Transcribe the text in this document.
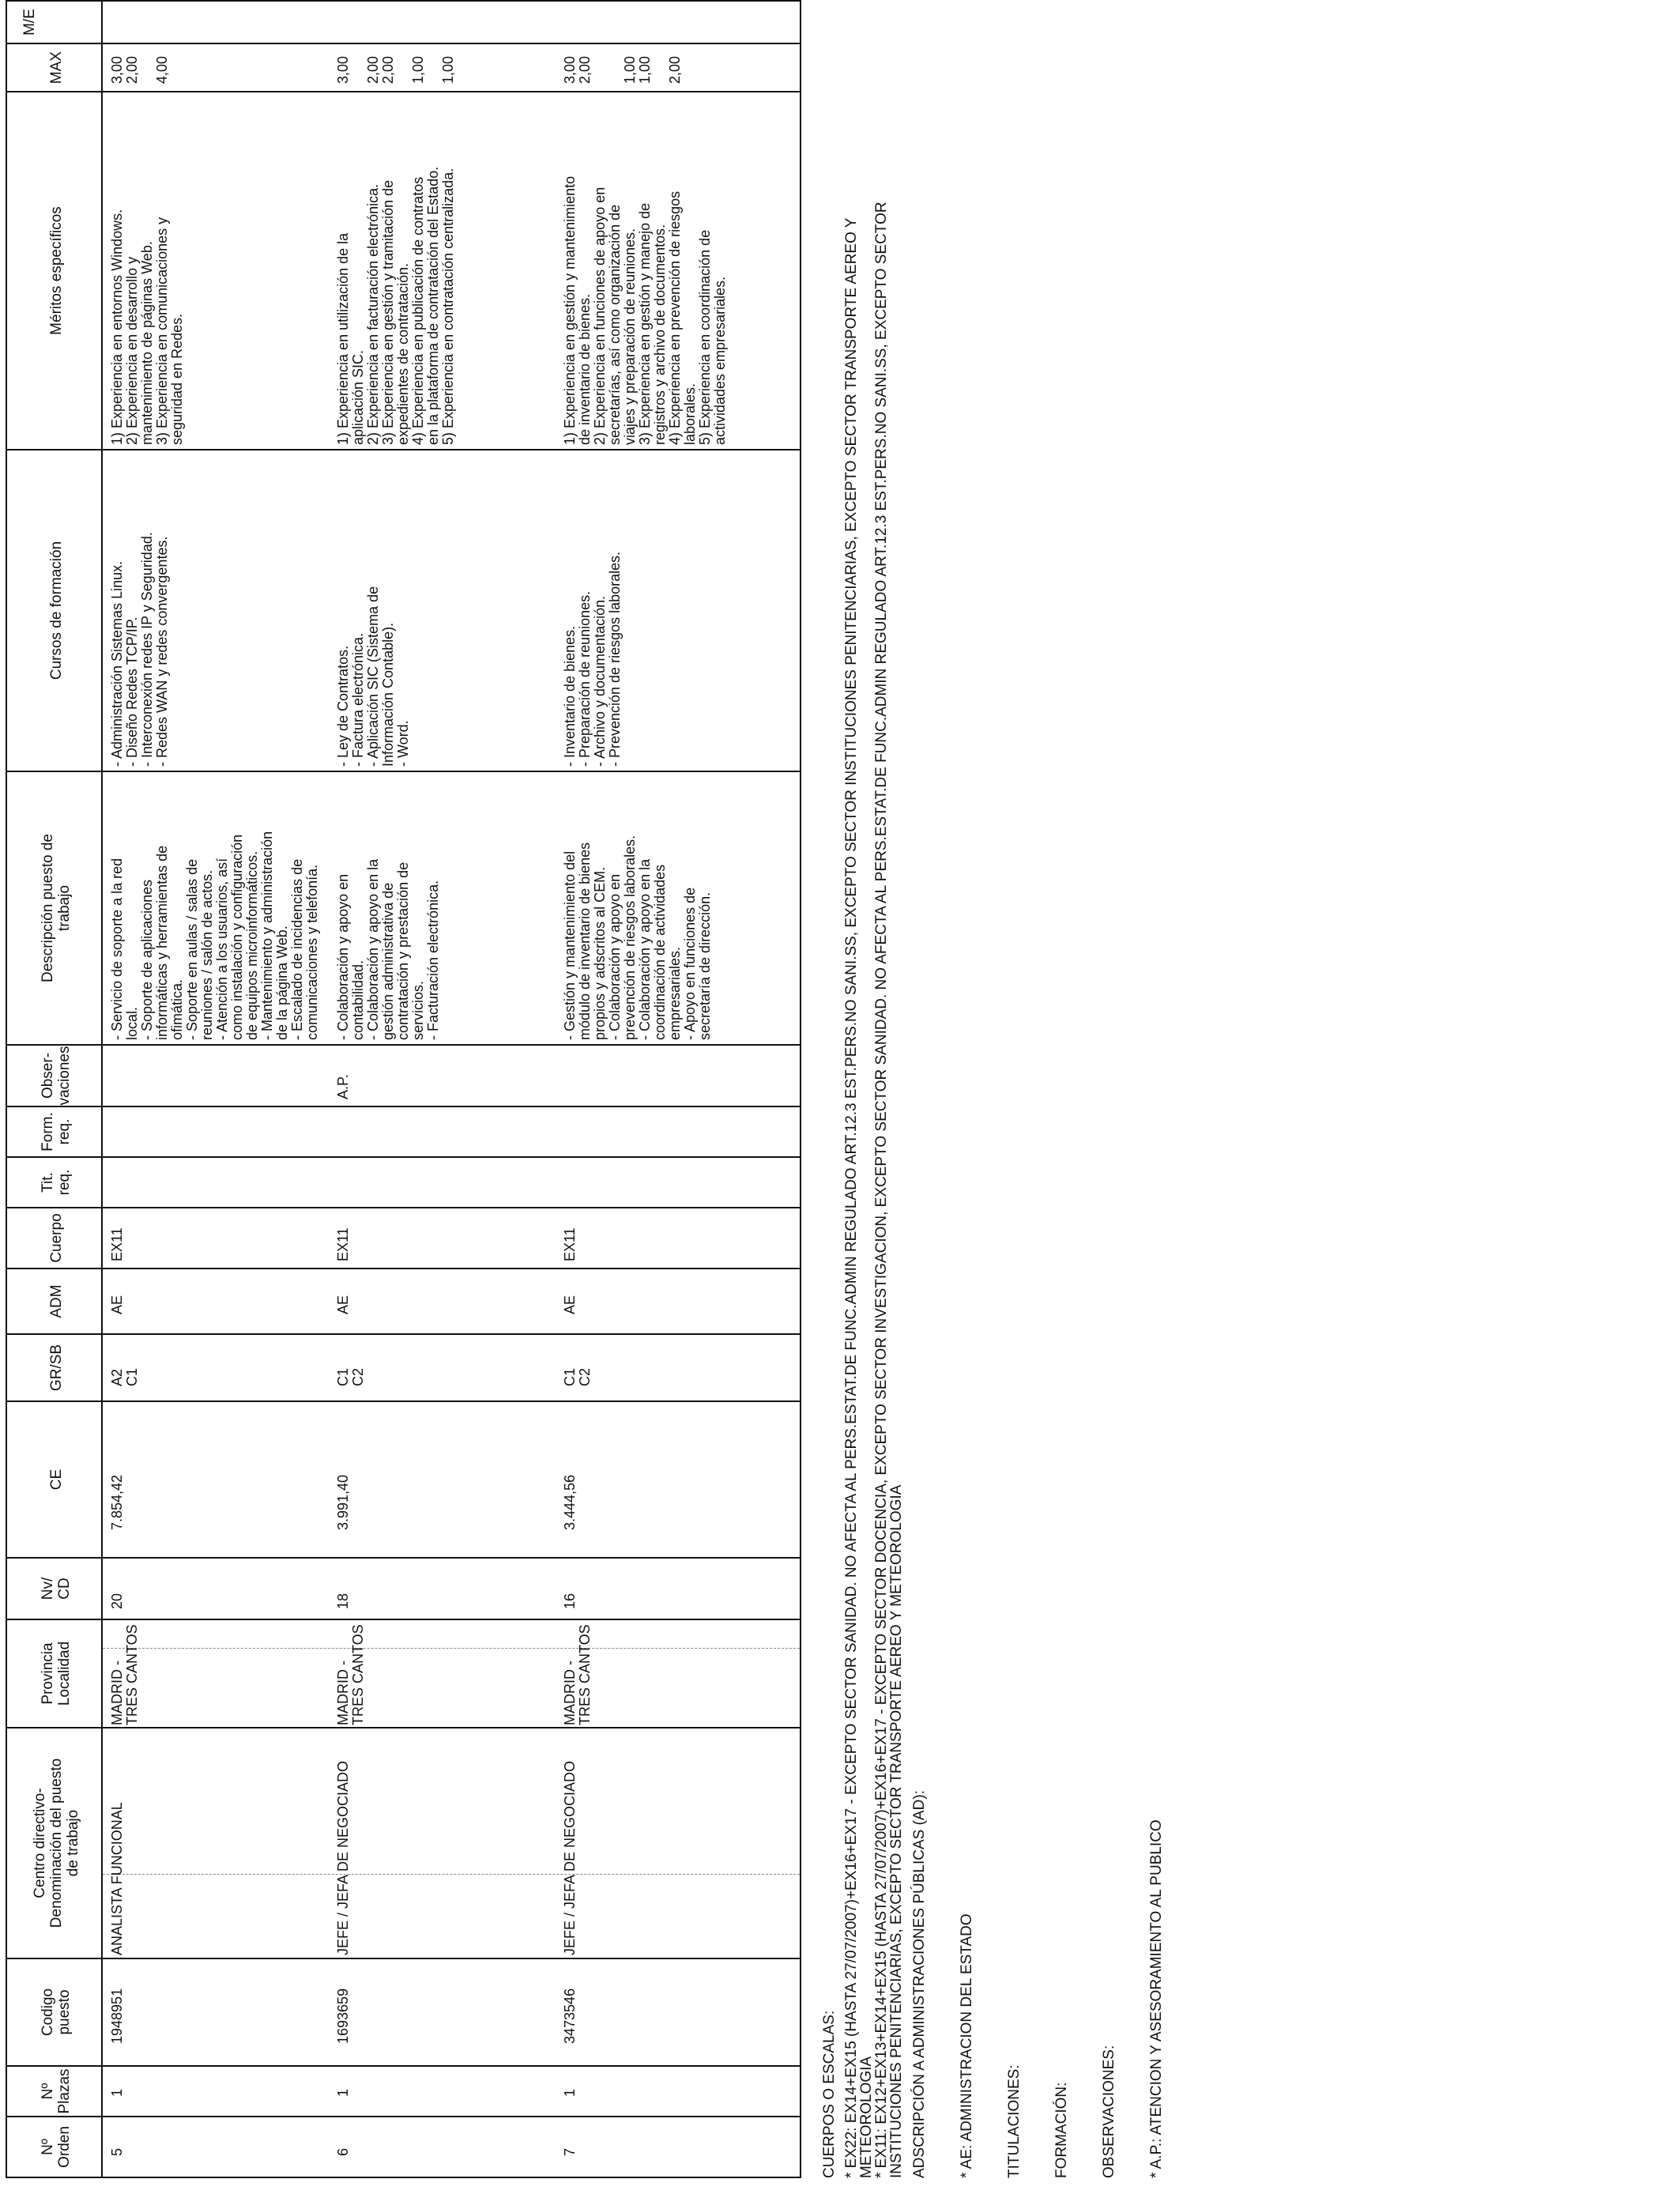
Nº
Orden
Nº
Plazas
Codigo
puesto
Centro directivo-
Denominación del puesto
de trabajo
Provincia
Localidad
Nv/
CD
CE
GR/SB
ADM
Cuerpo
Tit.
req.
Form.
req.
Obser-
vaciones
Descripción puesto de
trabajo
Cursos de formación
Méritos específicos
MAX
M/E
5
1
1948951
ANALISTA FUNCIONAL
MADRID -
TRES CANTOS
20
7.854,42
A2
C1
AE
EX11
- Servicio de soporte a la red
local.
- Soporte de aplicaciones
informáticas y herramientas de
ofimática.
- Soporte en aulas / salas de
reuniones / salón de actos.
- Atención a los usuarios, así
como instalación y configuración
de equipos microinformáticos.
- Mantenimiento y administración
de la página Web.
- Escalado de incidencias de
comunicaciones y telefonía.
- Administración Sistemas Linux.
- Diseño Redes TCP/IP.
- Interconexión redes IP y Seguridad.
- Redes WAN y redes convergentes.
1) Experiencia en entornos Windows.
2) Experiencia en desarrollo y
mantenimiento de páginas Web.
3) Experiencia en comunicaciones y
seguridad en Redes.
3,00
2,00

4,00
6
1
1693659
JEFE / JEFA DE NEGOCIADO
MADRID -
TRES CANTOS
18
3.991,40
C1
C2
AE
EX11
A.P.
- Colaboración y apoyo en
contabilidad.
- Colaboración y apoyo en la
gestión administrativa de
contratación y prestación de
servicios.
- Facturación electrónica.
- Ley de Contratos.
- Factura electrónica.
- Aplicación SIC (Sistema de
Información Contable).
- Word.
1) Experiencia en utilización de la
aplicación SIC.
2) Experiencia en facturación electrónica.
3) Experiencia en gestión y tramitación de
expedientes de contratación.
4) Experiencia en publicación de contratos
en la plataforma de contratación del Estado.
5) Experiencia en contratación centralizada.
3,00

2,00
2,00

1,00

1,00
7
1
3473546
JEFE / JEFA DE NEGOCIADO
MADRID -
TRES CANTOS
16
3.444,56
C1
C2
AE
EX11
- Gestión y mantenimiento del
módulo de inventario de bienes
propios y adscritos al CEM.
- Colaboración y apoyo en
prevención de riesgos laborales.
- Colaboración y apoyo en la
coordinación de actividades
empresariales.
- Apoyo en funciones de
secretaría de dirección.
- Inventario de bienes.
- Preparación de reuniones.
- Archivo y documentación.
- Prevención de riesgos laborales.
1) Experiencia en gestión y mantenimiento
de inventario de bienes.
2) Experiencia en funciones de apoyo en
secretarías, así como organización de
viajes y preparación de reuniones.
3) Experiencia en gestión y manejo de
registros y archivo de documentos.
4) Experiencia en prevención de riesgos
laborales.
5) Experiencia en coordinación de
actividades empresariales.
3,00
2,00

1,00
1,00

2,00
CUERPOS O ESCALAS: * EX22: EX14+EX15 (HASTA 27/07/2007)+EX16+EX17 - EXCEPTO SECTOR SANIDAD. NO AFECTA AL PERS.ESTAT.DE FUNC.ADMIN REGULADO ART.12.3 EST.PERS.NO SANI.SS, EXCEPTO SECTOR INSTITUCIONES PENITENCIARIAS, EXCEPTO SECTOR TRANSPORTE AEREO Y
METEOROLOGIA
* EX11: EX12+EX13+EX14+EX15 (HASTA 27/07/2007)+EX16+EX17 - EXCEPTO SECTOR DOCENCIA, EXCEPTO SECTOR INVESTIGACION, EXCEPTO SECTOR SANIDAD. NO AFECTA AL PERS.ESTAT.DE FUNC.ADMIN REGULADO ART.12.3 EST.PERS.NO SANI.SS, EXCEPTO SECTOR
INSTITUCIONES PENITENCIARIAS, EXCEPTO SECTOR TRANSPORTE AEREO Y METEOROLOGIA
ADSCRIPCIÓN A ADMINISTRACIONES PÚBLICAS (AD): * AE: ADMINISTRACION DEL ESTADO TITULACIONES: FORMACIÓN: OBSERVACIONES: * A.P.: ATENCION Y ASESORAMIENTO AL PUBLICO
